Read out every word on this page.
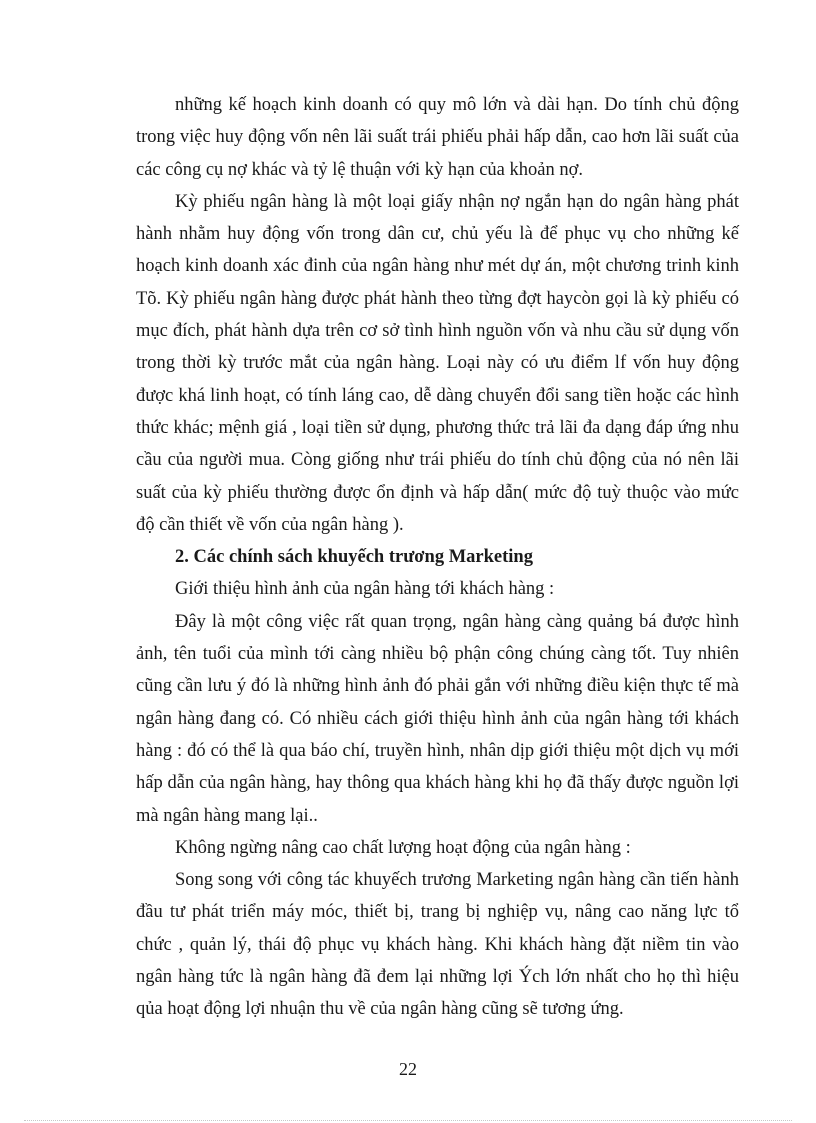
những kế hoạch kinh doanh có quy mô lớn và dài hạn. Do tính chủ động trong việc huy động vốn nên lãi suất trái phiếu phải hấp dẫn, cao hơn lãi suất của các công cụ nợ khác và tỷ lệ thuận với kỳ hạn của khoản nợ.

Kỳ phiếu ngân hàng là một loại giấy nhận nợ ngắn hạn do ngân hàng phát hành nhằm huy động vốn trong dân cư, chủ yếu là để phục vụ cho những kế hoạch kinh doanh xác đinh của ngân hàng như mét dự án, một chương trinh kinh Tõ. Kỳ phiếu ngân hàng được phát hành theo từng đợt haycòn gọi là kỳ phiếu có mục đích, phát hành dựa trên cơ sở tình hình nguồn vốn và nhu cầu sử dụng vốn trong thời kỳ trước mắt của ngân hàng. Loại này có ưu điểm lf vốn huy động được khá linh hoạt, có tính láng cao, dễ dàng chuyển đổi sang tiền hoặc các hình thức khác; mệnh giá , loại tiền sử dụng, phương thức trả lãi đa dạng đáp ứng nhu cầu của người mua. Còng giống như trái phiếu do tính chủ động của nó nên lãi suất của kỳ phiếu thường được ổn định và hấp dẫn( mức độ tuỳ thuộc vào mức độ cần thiết về vốn của ngân hàng ).

2. Các chính sách khuyếch trương Marketing

Giới thiệu hình ảnh của ngân hàng tới khách hàng :

Đây là một công việc rất quan trọng, ngân hàng càng quảng bá được hình ảnh, tên tuổi của mình tới càng nhiều bộ phận công chúng càng tốt. Tuy nhiên cũng cần lưu ý đó là những hình ảnh đó phải gắn với những điều kiện thực tế mà ngân hàng đang có. Có nhiều cách giới thiệu hình ảnh của ngân hàng tới khách hàng : đó có thể là qua báo chí, truyền hình, nhân dịp giới thiệu một dịch vụ mới hấp dẫn của ngân hàng, hay thông qua khách hàng khi họ đã thấy được nguồn lợi mà ngân hàng mang lại..

Không ngừng nâng cao chất lượng hoạt động của ngân hàng :

Song song với công tác khuyếch trương Marketing ngân hàng cần tiến hành đầu tư phát triển máy móc, thiết bị, trang bị nghiệp vụ, nâng cao năng lực tổ chức , quản lý, thái độ phục vụ khách hàng. Khi khách hàng đặt niềm tin vào ngân hàng tức là ngân hàng đã đem lại những lợi Ých lớn nhất cho họ thì hiệu qủa hoạt động lợi nhuận thu về của ngân hàng cũng sẽ tương ứng.

22
